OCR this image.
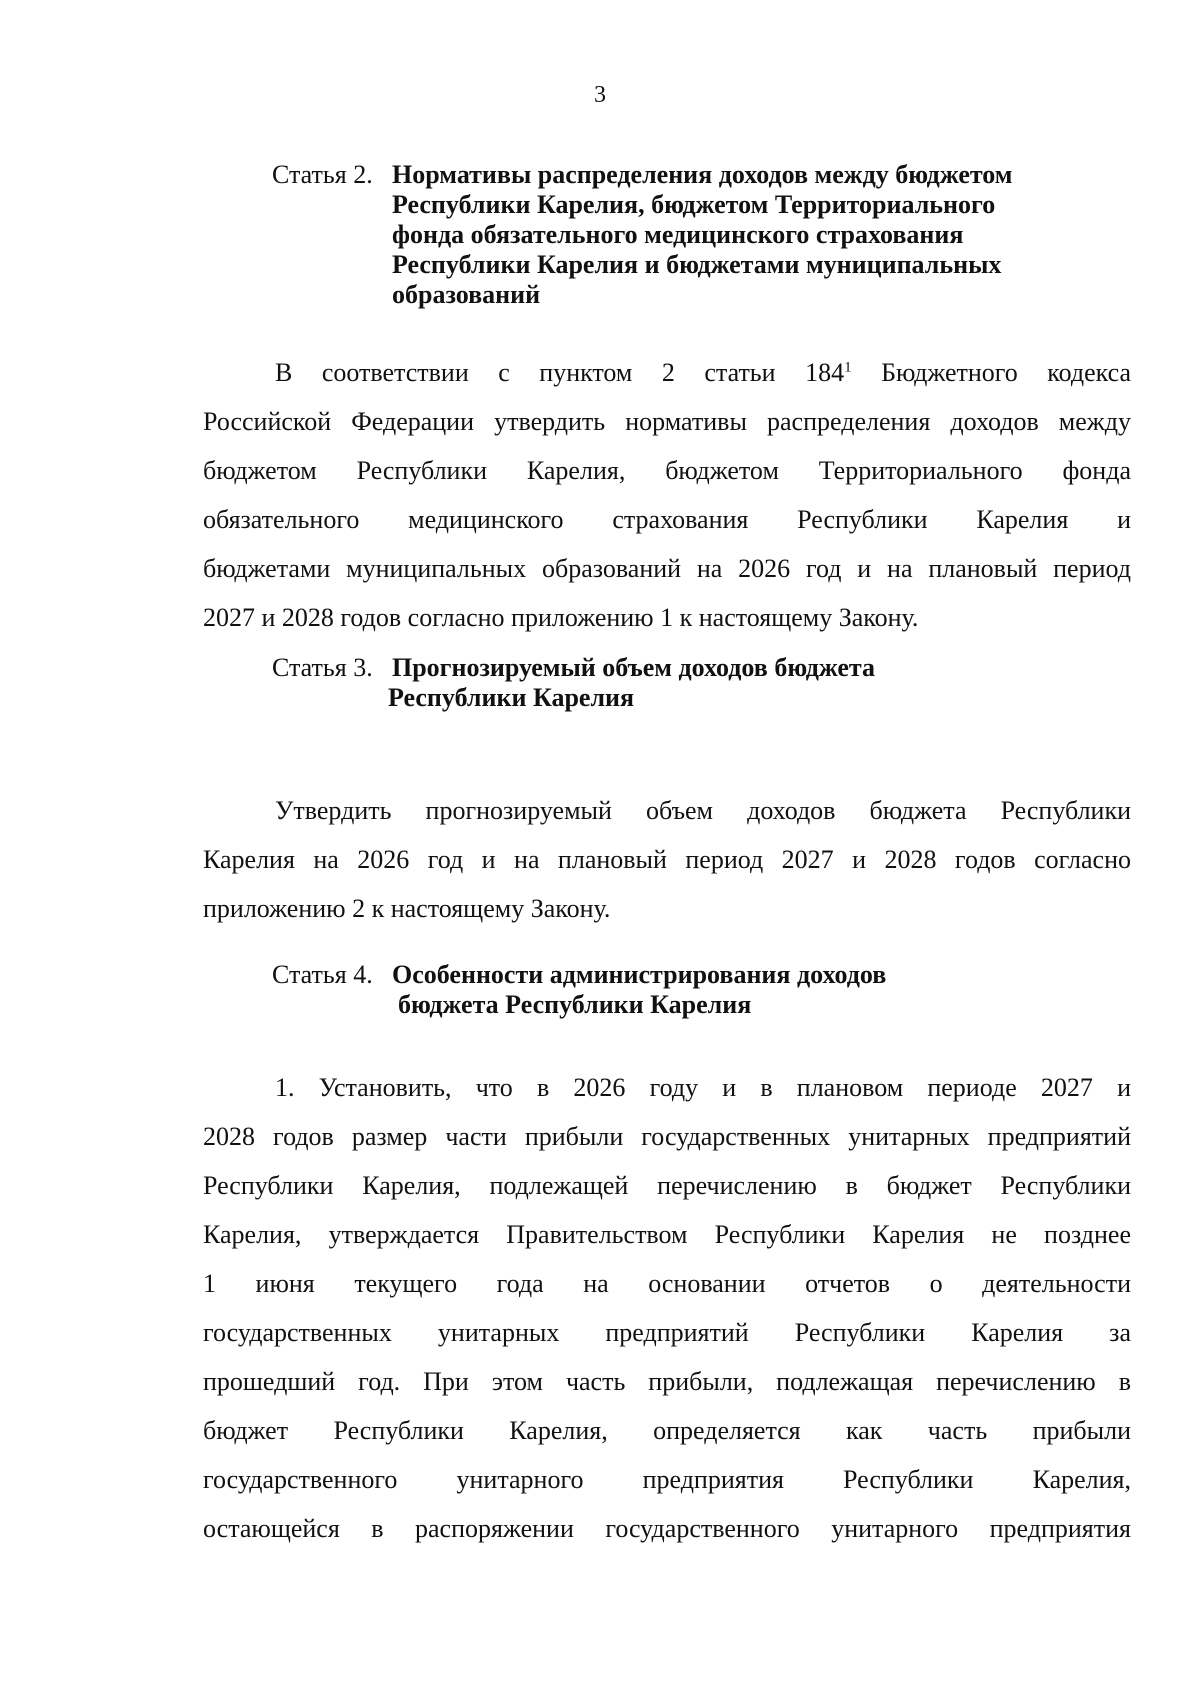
3
Статья 2. Нормативы распределения доходов между бюджетом
Республики Карелия, бюджетом Территориального
фонда обязательного медицинского страхования
Республики Карелия и бюджетами муниципальных
образований
В соответствии с пунктом 2 статьи $184^1$ Бюджетного кодекса
Российской Федерации утвердить нормативы распределения доходов между
бюджетом Республики Карелия, бюджетом Территориального фонда
обязательного медицинского страхования Республики Карелия и
бюджетами муниципальных образований на 2026 год и на плановый период
2027 и 2028 годов согласно приложению 1 к настоящему Закону.
Статья 3. Прогнозируемый объем доходов бюджета
Республики Карелия
Утвердить прогнозируемый объем доходов бюджета Республики
Карелия на 2026 год и на плановый период 2027 и 2028 годов согласно
приложению 2 к настоящему Закону.
Статья 4. Особенности администрирования доходов
бюджета Республики Карелия
1. Установить, что в 2026 году и в плановом периоде 2027 и
2028 годов размер части прибыли государственных унитарных предприятий
Республики Карелия, подлежащей перечислению в бюджет Республики
Карелия, утверждается Правительством Республики Карелия не позднее
1 июня текущего года на основании отчетов о деятельности
государственных унитарных предприятий Республики Карелия за
прошедший год. При этом часть прибыли, подлежащая перечислению в
бюджет Республики Карелия, определяется как часть прибыли
государственного унитарного предприятия Республики Карелия,
остающейся в распоряжении государственного унитарного предприятия
